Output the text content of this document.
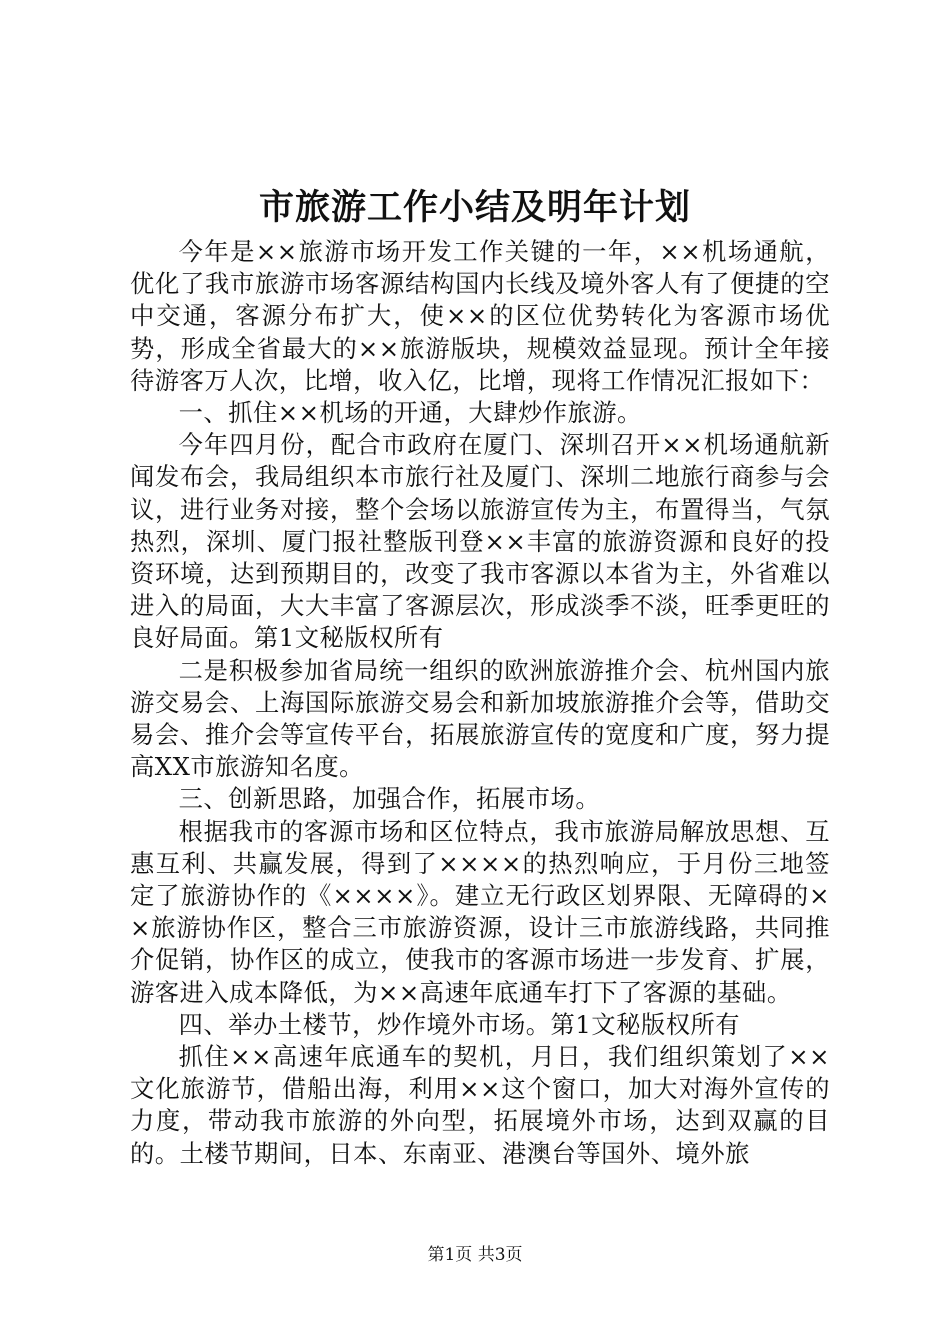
市旅游工作小结及明年计划

今年是××旅游市场开发工作关键的一年，××机场通航，优化了我市旅游市场客源结构国内长线及境外客人有了便捷的空中交通，客源分布扩大，使××的区位优势转化为客源市场优势，形成全省最大的××旅游版块，规模效益显现。预计全年接待游客万人次，比增，收入亿，比增，现将工作情况汇报如下：

一、抓住××机场的开通，大肆炒作旅游。

今年四月份，配合市政府在厦门、深圳召开××机场通航新闻发布会，我局组织本市旅行社及厦门、深圳二地旅行商参与会议，进行业务对接，整个会场以旅游宣传为主，布置得当，气氛热烈，深圳、厦门报社整版刊登××丰富的旅游资源和良好的投资环境，达到预期目的，改变了我市客源以本省为主，外省难以进入的局面，大大丰富了客源层次，形成淡季不淡，旺季更旺的良好局面。第1文秘版权所有

二是积极参加省局统一组织的欧洲旅游推介会、杭州国内旅游交易会、上海国际旅游交易会和新加坡旅游推介会等，借助交易会、推介会等宣传平台，拓展旅游宣传的宽度和广度，努力提高XX市旅游知名度。

三、创新思路，加强合作，拓展市场。

根据我市的客源市场和区位特点，我市旅游局解放思想、互惠互利、共赢发展，得到了××××的热烈响应，于月份三地签定了旅游协作的《××××》。建立无行政区划界限、无障碍的××旅游协作区，整合三市旅游资源，设计三市旅游线路，共同推介促销，协作区的成立，使我市的客源市场进一步发育、扩展，游客进入成本降低，为××高速年底通车打下了客源的基础。

四、举办土楼节，炒作境外市场。第1文秘版权所有

抓住××高速年底通车的契机，月日，我们组织策划了××文化旅游节，借船出海，利用××这个窗口，加大对海外宣传的力度，带动我市旅游的外向型，拓展境外市场，达到双赢的目的。土楼节期间，日本、东南亚、港澳台等国外、境外旅

第1页 共3页
